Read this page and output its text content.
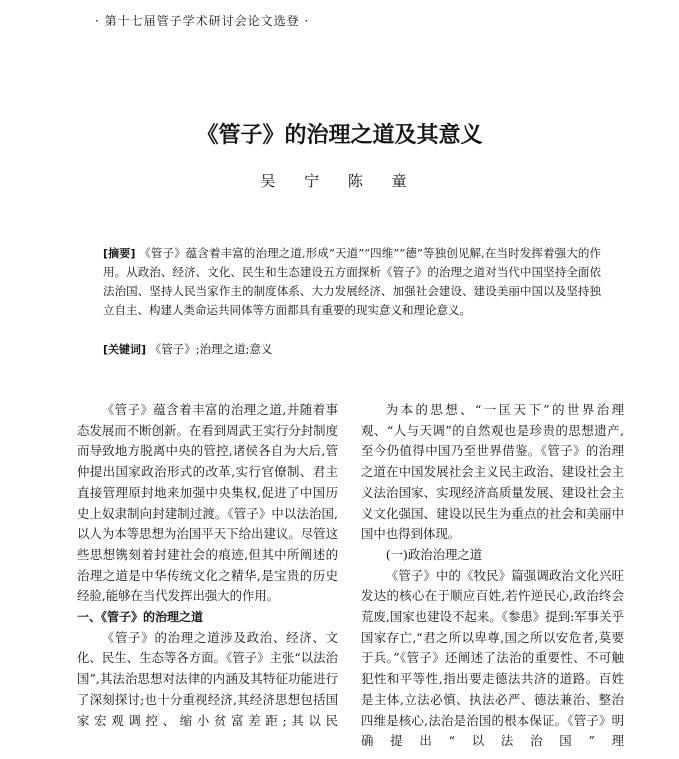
· 第十七届管子学术研讨会论文选登 ·
《管子》的治理之道及其意义
吴 宁 陈 童
[摘要] 《管子》蕴含着丰富的治理之道,形成“天道”“四维”“德”等独创见解,在当时发挥着强大的作用。从政治、经济、文化、民生和生态建设五方面探析《管子》的治理之道对当代中国坚持全面依法治国、坚持人民当家作主的制度体系、大力发展经济、加强社会建设、建设美丽中国以及坚持独立自主、构建人类命运共同体等方面都具有重要的现实意义和理论意义。
[关键词] 《管子》;治理之道;意义

《管子》蕴含着丰富的治理之道,并随着事态发展而不断创新。在看到周武王实行分封制度而导致地方脱离中央的管控,诸侯各自为大后,管仲提出国家政治形式的改革,实行官僚制、君主直接管理原封地来加强中央集权,促进了中国历史上奴隶制向封建制过渡。《管子》中以法治国,以人为本等思想为治国平天下给出建议。尽管这些思想镌刻着封建社会的痕迹,但其中所阐述的治理之道是中华传统文化之精华,是宝贵的历史经验,能够在当代发挥出强大的作用。

一、《管子》的治理之道

《管子》的治理之道涉及政治、经济、文化、民生、生态等各方面。《管子》主张“以法治国”,其法治思想对法律的内涵及其特征功能进行了深刻探讨;也十分重视经济,其经济思想包括国家宏观调控、缩小贫富差距;其以民

为本的思想、“一匡天下”的世界治理观、“人与天调”的自然观也是珍贵的思想遗产,至今仍值得中国乃至世界借鉴。《管子》的治理之道在中国发展社会主义民主政治、建设社会主义法治国家、实现经济高质量发展、建设社会主义文化强国、建设以民生为重点的社会和美丽中国中也得到体现。

(一)政治治理之道

《管子》中的《牧民》篇强调政治文化兴旺发达的核心在于顺应百姓,若忤逆民心,政治终会荒废,国家也建设不起来。《参患》提到:军事关乎国家存亡,“君之所以卑尊,国之所以安危者,莫要于兵。”《管子》还阐述了法治的重要性、不可触犯性和平等性,指出要走德法共济的道路。百姓是主体,立法必慎、执法必严、德法兼治、整治四维是核心,法治是治国的根本保证。《管子》明确提出“以法治国”理
